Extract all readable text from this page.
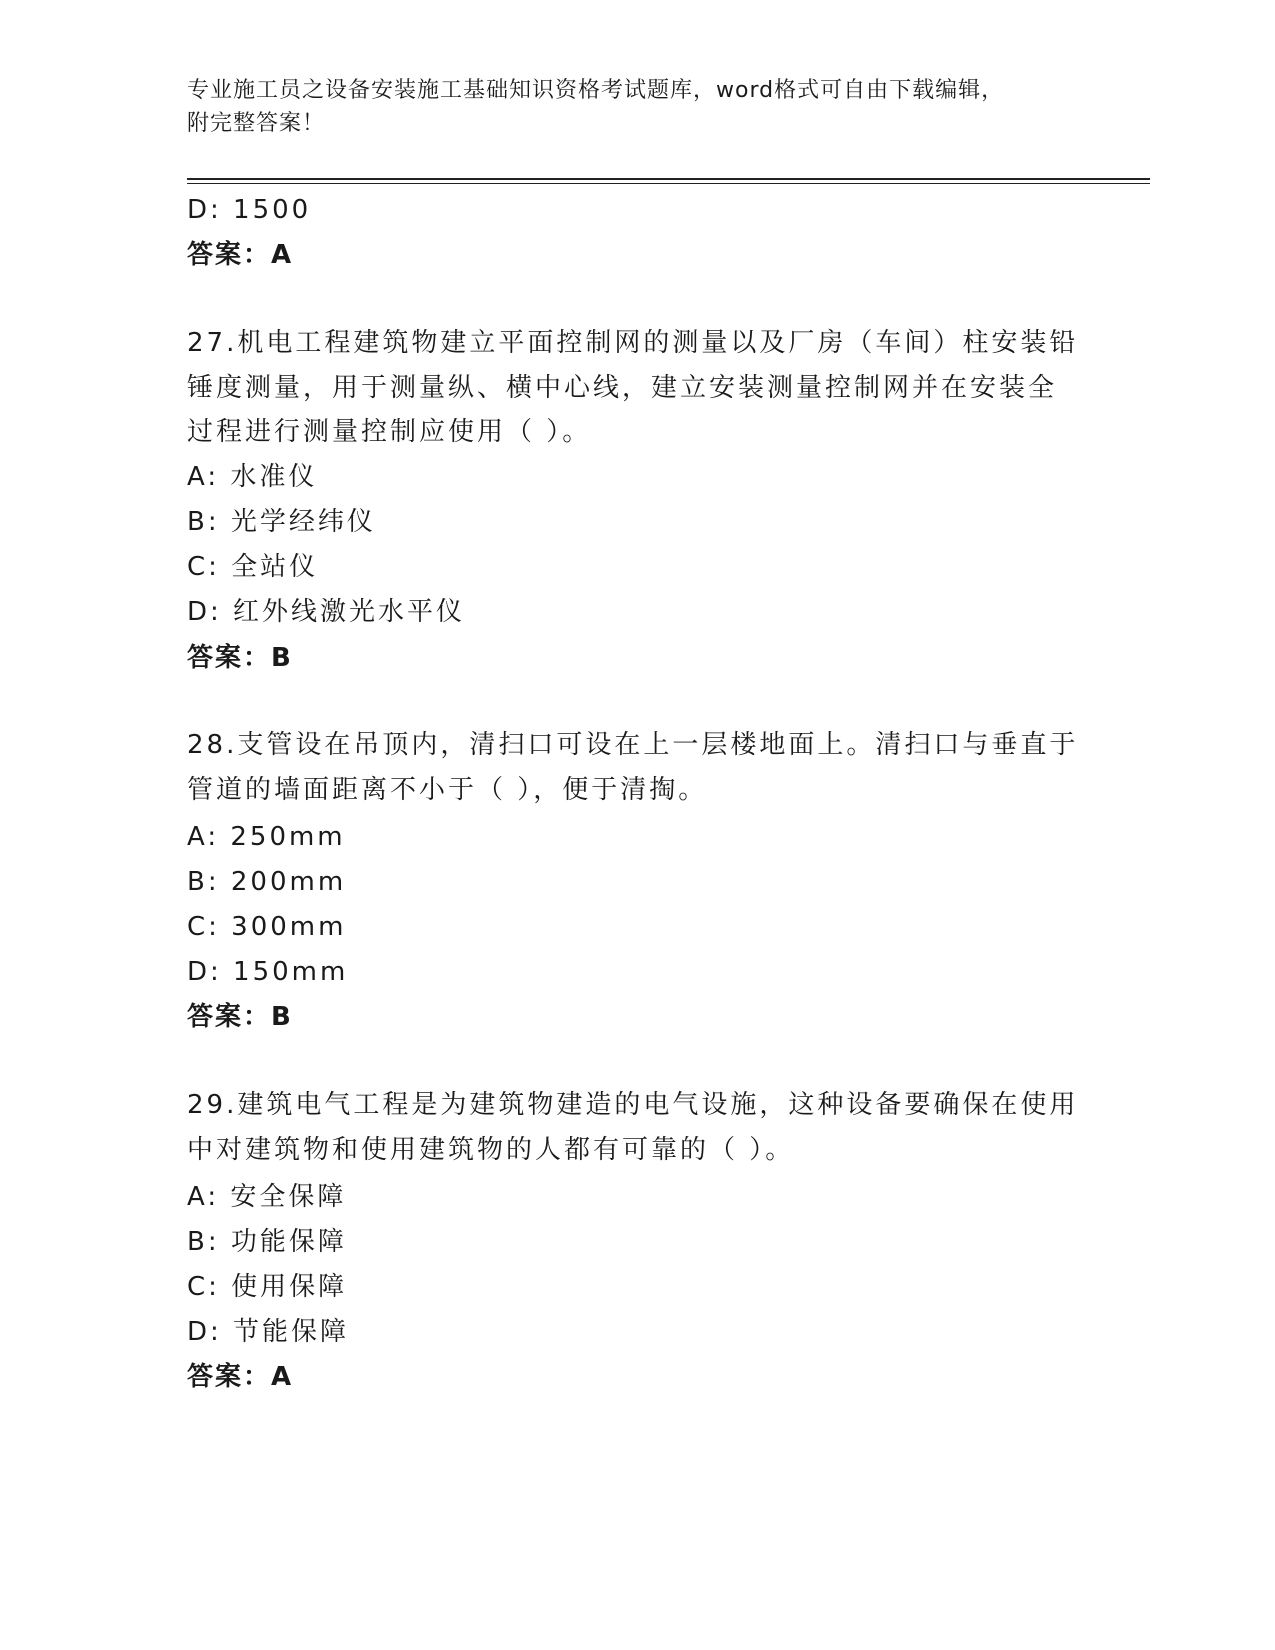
专业施工员之设备安装施工基础知识资格考试题库，word格式可自由下载编辑，
附完整答案！
D: 1500
答案：A
27.机电工程建筑物建立平面控制网的测量以及厂房（车间）柱安装铅
锤度测量，用于测量纵、横中心线，建立安装测量控制网并在安装全
过程进行测量控制应使用（ ）。
A: 水准仪
B: 光学经纬仪
C: 全站仪
D: 红外线激光水平仪
答案：B
28.支管设在吊顶内，清扫口可设在上一层楼地面上。清扫口与垂直于
管道的墙面距离不小于（ ），便于清掏。
A: 250mm
B: 200mm
C: 300mm
D: 150mm
答案：B
29.建筑电气工程是为建筑物建造的电气设施，这种设备要确保在使用
中对建筑物和使用建筑物的人都有可靠的（ ）。
A: 安全保障
B: 功能保障
C: 使用保障
D: 节能保障
答案：A
